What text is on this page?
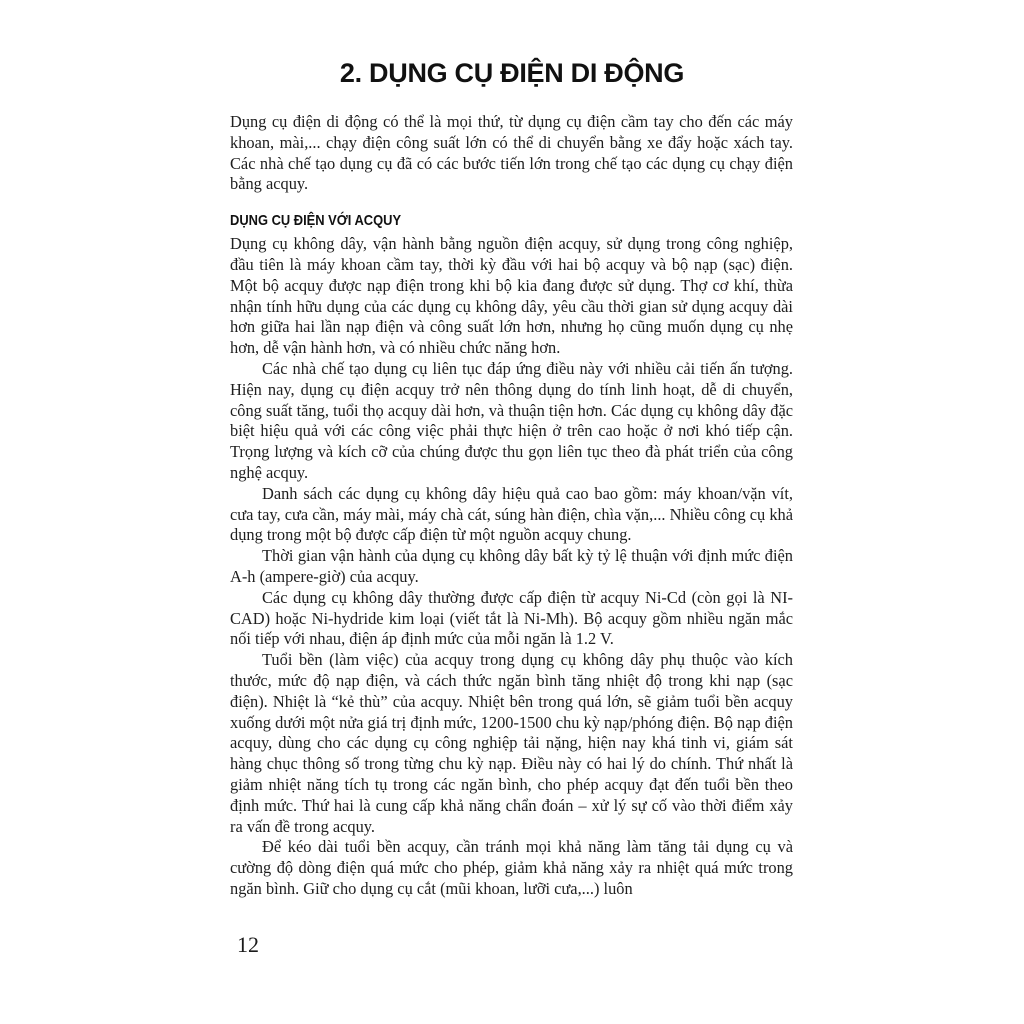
2. DỤNG CỤ ĐIỆN DI ĐỘNG

Dụng cụ điện di động có thể là mọi thứ, từ dụng cụ điện cầm tay cho đến các máy khoan, mài,... chạy điện công suất lớn có thể di chuyển bằng xe đẩy hoặc xách tay. Các nhà chế tạo dụng cụ đã có các bước tiến lớn trong chế tạo các dụng cụ chạy điện bằng acquy.

DỤNG CỤ ĐIỆN VỚI ACQUY

Dụng cụ không dây, vận hành bằng nguồn điện acquy, sử dụng trong công nghiệp, đầu tiên là máy khoan cầm tay, thời kỳ đầu với hai bộ acquy và bộ nạp (sạc) điện. Một bộ acquy được nạp điện trong khi bộ kia đang được sử dụng. Thợ cơ khí, thừa nhận tính hữu dụng của các dụng cụ không dây, yêu cầu thời gian sử dụng acquy dài hơn giữa hai lần nạp điện và công suất lớn hơn, nhưng họ cũng muốn dụng cụ nhẹ hơn, dễ vận hành hơn, và có nhiều chức năng hơn.

Các nhà chế tạo dụng cụ liên tục đáp ứng điều này với nhiều cải tiến ấn tượng. Hiện nay, dụng cụ điện acquy trở nên thông dụng do tính linh hoạt, dễ di chuyển, công suất tăng, tuổi thọ acquy dài hơn, và thuận tiện hơn. Các dụng cụ không dây đặc biệt hiệu quả với các công việc phải thực hiện ở trên cao hoặc ở nơi khó tiếp cận. Trọng lượng và kích cỡ của chúng được thu gọn liên tục theo đà phát triển của công nghệ acquy.

Danh sách các dụng cụ không dây hiệu quả cao bao gồm: máy khoan/vặn vít, cưa tay, cưa cần, máy mài, máy chà cát, súng hàn điện, chìa vặn,... Nhiều công cụ khả dụng trong một bộ được cấp điện từ một nguồn acquy chung.

Thời gian vận hành của dụng cụ không dây bất kỳ tỷ lệ thuận với định mức điện A-h (ampere-giờ) của acquy.

Các dụng cụ không dây thường được cấp điện từ acquy Ni-Cd (còn gọi là NI-CAD) hoặc Ni-hydride kim loại (viết tắt là Ni-Mh). Bộ acquy gồm nhiều ngăn mắc nối tiếp với nhau, điện áp định mức của mỗi ngăn là 1.2 V.

Tuổi bền (làm việc) của acquy trong dụng cụ không dây phụ thuộc vào kích thước, mức độ nạp điện, và cách thức ngăn bình tăng nhiệt độ trong khi nạp (sạc điện). Nhiệt là “kẻ thù” của acquy. Nhiệt bên trong quá lớn, sẽ giảm tuổi bền acquy xuống dưới một nửa giá trị định mức, 1200-1500 chu kỳ nạp/phóng điện. Bộ nạp điện acquy, dùng cho các dụng cụ công nghiệp tải nặng, hiện nay khá tinh vi, giám sát hàng chục thông số trong từng chu kỳ nạp. Điều này có hai lý do chính. Thứ nhất là giảm nhiệt năng tích tụ trong các ngăn bình, cho phép acquy đạt đến tuổi bền theo định mức. Thứ hai là cung cấp khả năng chẩn đoán – xử lý sự cố vào thời điểm xảy ra vấn đề trong acquy.

Để kéo dài tuổi bền acquy, cần tránh mọi khả năng làm tăng tải dụng cụ và cường độ dòng điện quá mức cho phép, giảm khả năng xảy ra nhiệt quá mức trong ngăn bình. Giữ cho dụng cụ cắt (mũi khoan, lưỡi cưa,...) luôn

12
